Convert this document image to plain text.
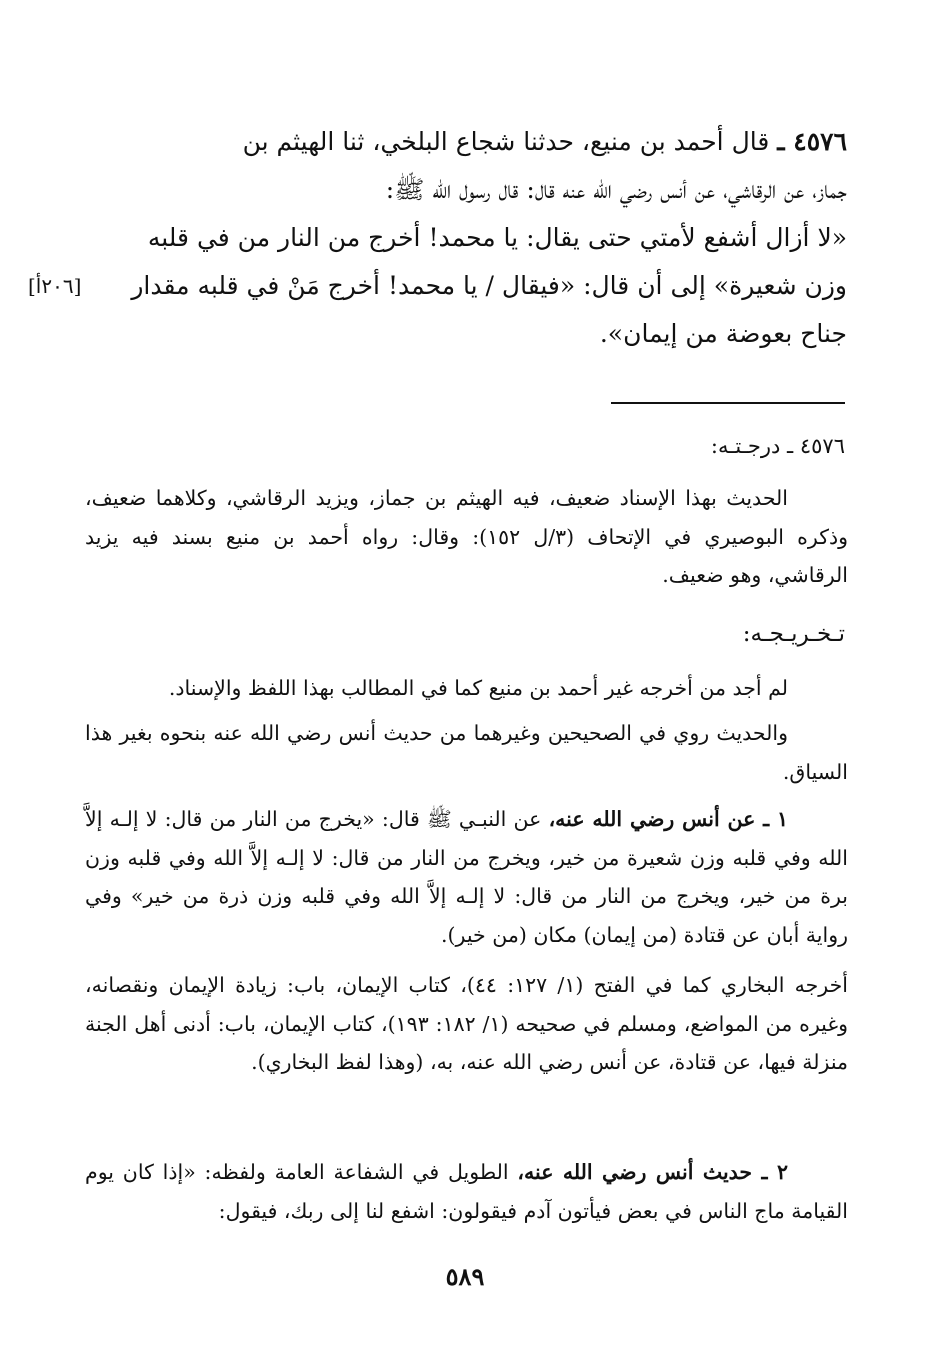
٤٥٧٦ ـ قال أحمد بن منيع، حدثنا شجاع البلخي، ثنا الهيثم بن
جماز، عن الرقاشي، عن أنس رضي الله عنه قال: قال رسول الله ﷺ:
«لا أزال أشفع لأمتي حتى يقال: يا محمد! أخرج من النار من في قلبه

وزن شعيرة» إلى أن قال: «فيقال / يا محمد! أخرج مَنْ في قلبه مقدار
[٢٠٦أ]
جناح بعوضة من إيمان».
٤٥٧٦ ـ درجـتـه:

الحديث بهذا الإسناد ضعيف، فيه الهيثم بن جماز، ويزيد الرقاشي، وكلاهما ضعيف، وذكره البوصيري في الإتحاف (٣/ل ١٥٢): وقال: رواه أحمد بن منيع بسند فيه يزيد الرقاشي، وهو ضعيف.

تـخـريـجـه:

لم أجد من أخرجه غير أحمد بن منيع كما في المطالب بهذا اللفظ والإسناد.

والحديث روي في الصحيحين وغيرهما من حديث أنس رضي الله عنه بنحوه بغير هذا السياق.

١ ـ عن أنس رضي الله عنه، عن النبـي ﷺ قال: «يخرج من النار من قال: لا إلـه إلاَّ الله وفي قلبه وزن شعيرة من خير، ويخرج من النار من قال: لا إلـه إلاَّ الله وفي قلبه وزن برة من خير، ويخرج من النار من قال: لا إلـه إلاَّ الله وفي قلبه وزن ذرة من خير» وفي رواية أبان عن قتادة (من إيمان) مكان (من خير).

أخرجه البخاري كما في الفتح (١/ ١٢٧: ٤٤)، كتاب الإيمان، باب: زيادة الإيمان ونقصانه، وغيره من المواضع، ومسلم في صحيحه (١/ ١٨٢: ١٩٣)، كتاب الإيمان، باب: أدنى أهل الجنة منزلة فيها، عن قتادة، عن أنس رضي الله عنه، به، (وهذا لفظ البخاري).

٢ ـ حديث أنس رضي الله عنه، الطويل في الشفاعة العامة ولفظه: «إذا كان يوم القيامة ماج الناس في بعض فيأتون آدم فيقولون: اشفع لنا إلى ربك، فيقول:

٥٨٩
